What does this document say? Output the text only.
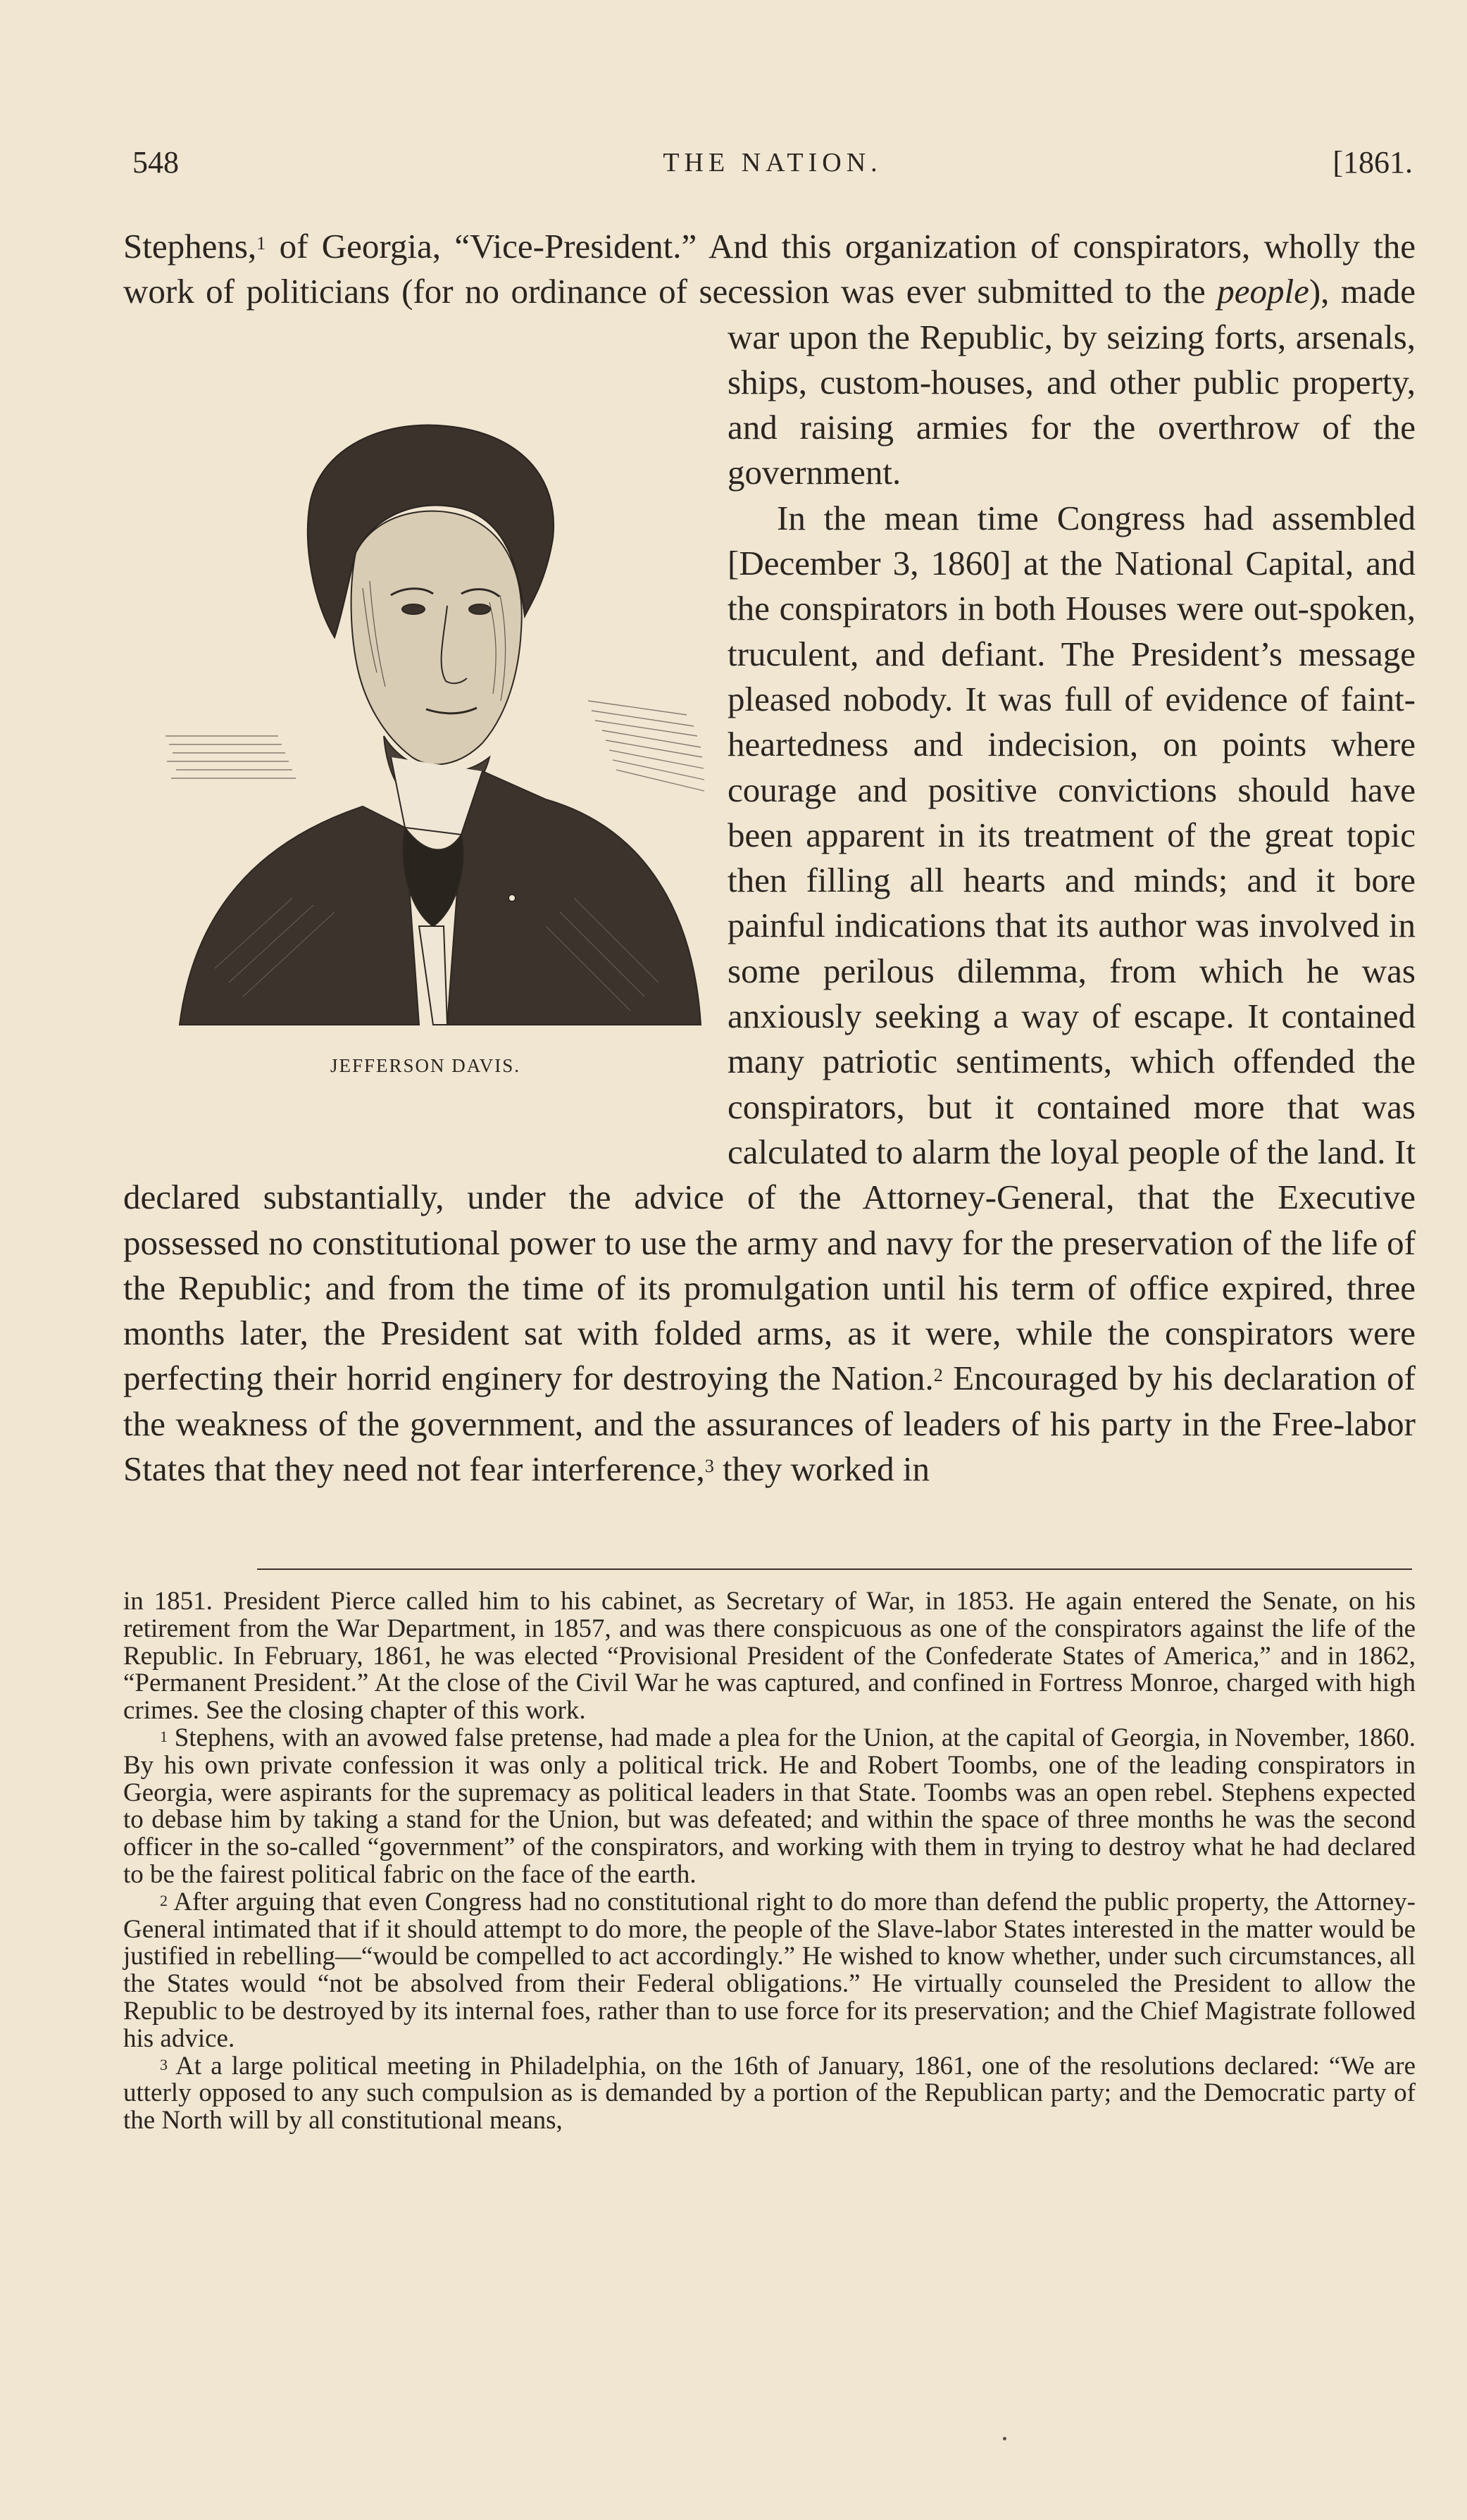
548	THE NATION.	[1861.

Stephens,$^1$ of Georgia, “Vice-President.” And this organization of conspirators, wholly the work of politicians (for no ordinance of secession was ever submitted to the
JEFFERSON DAVIS.
people), made war upon the Republic, by seizing forts, arsenals, ships, custom-houses, and other public property, and raising armies for the overthrow of the government.

In the mean time Congress had assembled [December 3, 1860] at the National Capital, and the conspirators in both Houses were out-spoken, truculent, and defiant. The President’s message pleased nobody. It was full of evidence of faint-heartedness and indecision, on points where courage and positive convictions should have been apparent in its treatment of the great topic then filling all hearts and minds; and it bore painful indications that its author was involved in some perilous dilemma, from which he was anxiously seeking a way of escape. It contained many patriotic sentiments, which offended the conspirators, but it contained more that was calculated to alarm the loyal people of the land. It declared substantially, under the advice of the Attorney-General, that the Executive possessed no constitutional power to use the army and navy for the preservation of the life of the Republic; and from the time of its promulgation until his term of office expired, three months later, the President sat with folded arms, as it were, while the conspirators were perfecting their horrid enginery for destroying the Nation.$^2$ Encouraged by his declaration of the weakness of the government, and the assurances of leaders of his party in the Free-labor States that they need not fear interference,$^3$ they worked in

in 1851. President Pierce called him to his cabinet, as Secretary of War, in 1853. He again entered the Senate, on his retirement from the War Department, in 1857, and was there conspicuous as one of the conspirators against the life of the Republic. In February, 1861, he was elected “Provisional President of the Confederate States of America,” and in 1862, “Permanent President.” At the close of the Civil War he was captured, and confined in Fortress Monroe, charged with high crimes. See the closing chapter of this work.

$^1$ Stephens, with an avowed false pretense, had made a plea for the Union, at the capital of Georgia, in November, 1860. By his own private confession it was only a political trick. He and Robert Toombs, one of the leading conspirators in Georgia, were aspirants for the supremacy as political leaders in that State. Toombs was an open rebel. Stephens expected to debase him by taking a stand for the Union, but was defeated; and within the space of three months he was the second officer in the so-called “government” of the conspirators, and working with them in trying to destroy what he had declared to be the fairest political fabric on the face of the earth.

$^2$ After arguing that even Congress had no constitutional right to do more than defend the public property, the Attorney-General intimated that if it should attempt to do more, the people of the Slave-labor States interested in the matter would be justified in rebelling—“would be compelled to act accordingly.” He wished to know whether, under such circumstances, all the States would “not be absolved from their Federal obligations.” He virtually counseled the President to allow the Republic to be destroyed by its internal foes, rather than to use force for its preservation; and the Chief Magistrate followed his advice.

$^3$ At a large political meeting in Philadelphia, on the 16th of January, 1861, one of the resolutions declared: “We are utterly opposed to any such compulsion as is demanded by a portion of the Republican party; and the Democratic party of the North will by all constitutional means,
